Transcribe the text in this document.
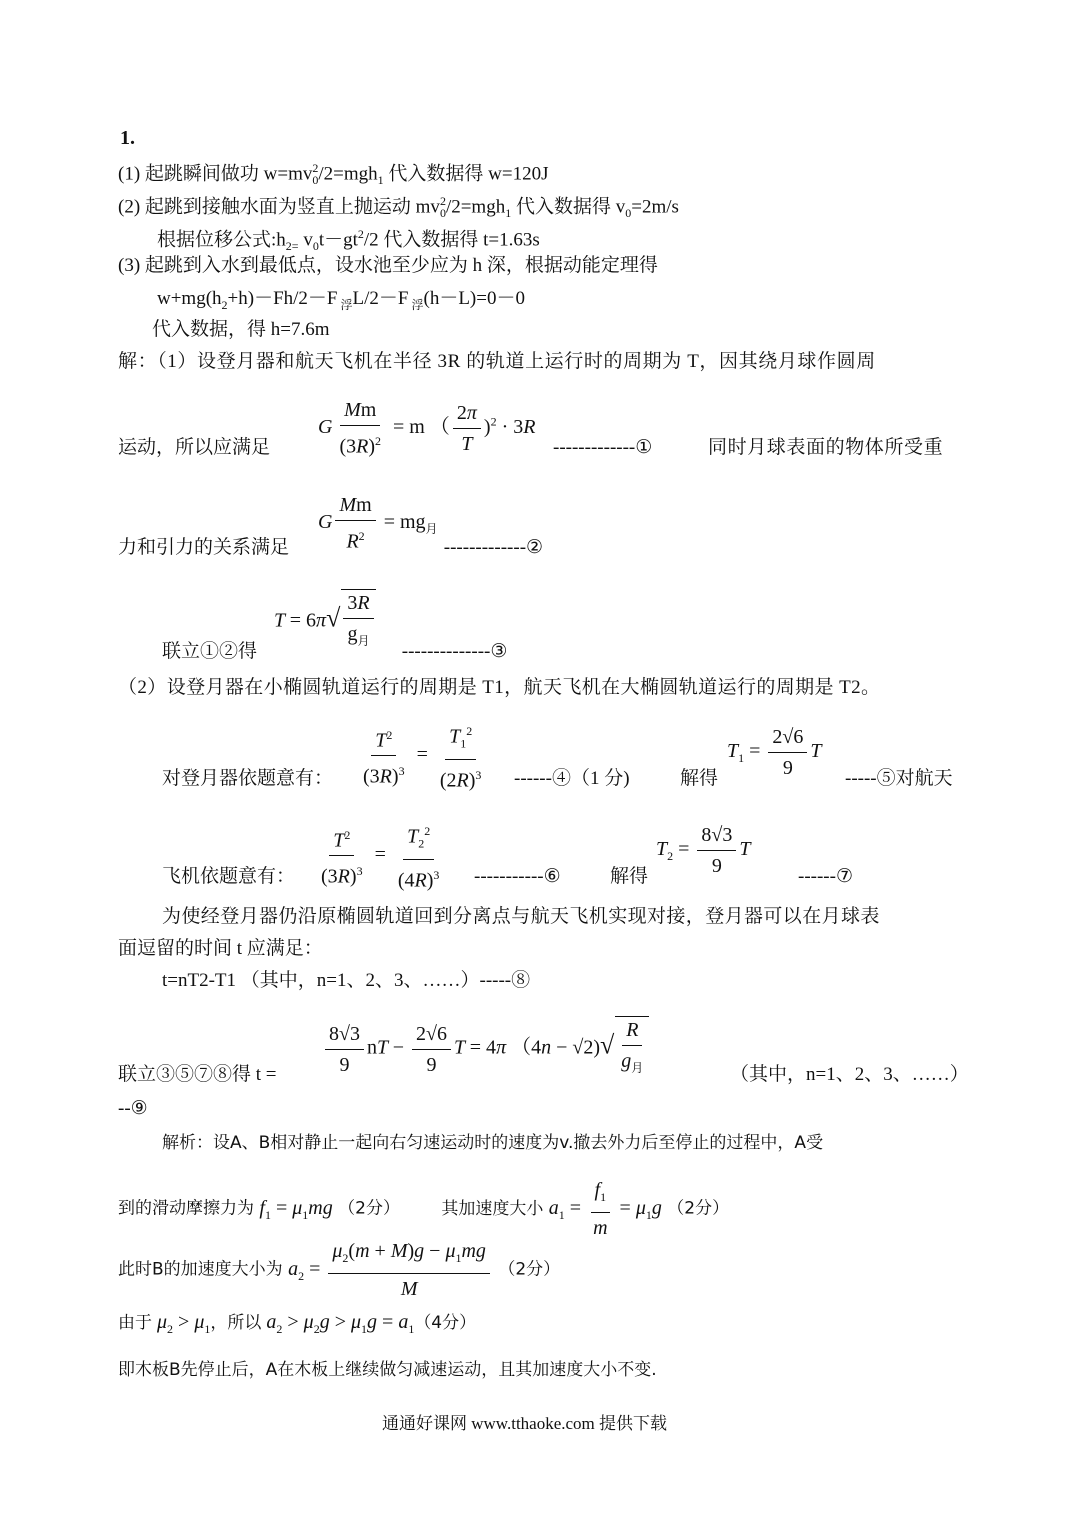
1.
(1) 起跳瞬间做功 $w=mv_0^2/2=mgh_1$ 代入数据得 w=120J
(2) 起跳到接触水面为竖直上抛运动 $mv_0^2/2=mgh_1$ 代入数据得 $v_0=2m/s$
根据位移公式$:h_{2=}$ $v_0t-gt^2/2$ 代入数据得 t=1.63s
(3) 起跳到入水到最低点，设水池至少应为 h 深，根据动能定理得
$w+mg(h_2+h)-Fh/2-F$ $_浮$L/2－F $_浮$(h－L)=0－0
代入数据，得 h=7.6m
解：（1）设登月器和航天飞机在半径 3R 的轨道上运行时的周期为 T，因其绕月球作圆周
G $\frac{Mm}{(3R)^2} = m$ （ $\frac{2\pi}{T} )^2 \cdot 3R$
运动，所以应满足	-------------①	同时月球表面的物体所受重
G $\frac{Mm}{R^2} = mg_月$
力和引力的关系满足	-------------②
$T = 6\pi√ \frac{3R}{g_月}$
联立①②得	--------------③
（2）设登月器在小椭圆轨道运行的周期是 T1，航天飞机在大椭圆轨道运行的周期是 T2。
$\frac{T^2}{(3R)^3} = \frac{T_1^2}{(2R)^3}$	$T_1 = \frac{2√6}{9}$ T
对登月器依题意有：	------④（1 分)	解得	-----⑤对航天
$\frac{T^2}{(3R)^3} = \frac{T_2^2}{(4R)^3}$	$T_2 = \frac{8√3}{9}$ T
飞机依题意有：	-----------⑥	解得	------⑦
为使经登月器仍沿原椭圆轨道回到分离点与航天飞机实现对接，登月器可以在月球表
面逗留的时间 t 应满足：
t=nT2-T1 （其中，n=1、2、3、……）-----⑧
$\frac{8√3}{9}$ nT − $\frac{2√6}{9}$ T = 4π $(4n - √2)√ \frac{R}{g_月}$
联立③⑤⑦⑧得 t =	（其中，n=1、2、3、……）
--⑨
解析：设A、B相对静止一起向右匀速运动时的速度为v.撤去外力后至停止的过程中，A受
到的滑动摩擦力为 $f_1 = \mu_1mg$ （2分） 其加速度大小 $a_1 = \frac{f_1}{m} = \mu_1g$ （2分）
此时B的加速度大小为 $a_2 = \frac{\mu_2(m + M)g - \mu_1mg}{M} (2$分）
由于 $\mu_2 > \mu_1$，所以 $a_2 > \mu_2g > \mu_1g = a_1(4$分）
即木板B先停止后，A在木板上继续做匀减速运动，且其加速度大小不变.
通通好课网 www.tthaoke.com 提供下载
